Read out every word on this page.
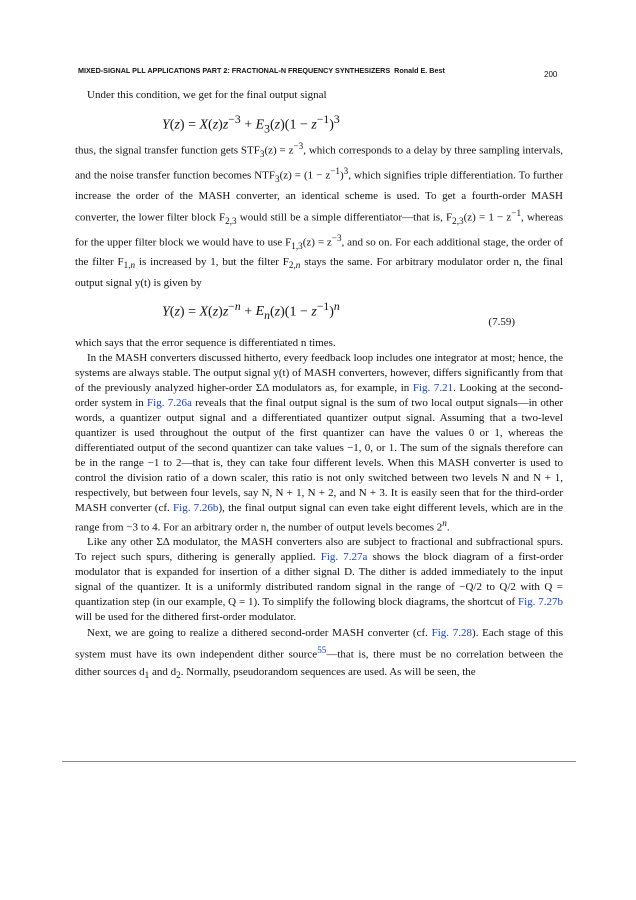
MIXED-SIGNAL PLL APPLICATIONS PART 2: FRACTIONAL-N FREQUENCY SYNTHESIZERS Ronald E. Best	200

Under this condition, we get for the final output signal

$Y(z) = X(z)z^{-3} + E_3(z)(1 - z^{-1})^3$

thus, the signal transfer function gets $STF_3(z) = z^{-3}$, which corresponds to a delay by three sampling intervals, and the noise transfer function becomes $NTF_3(z) = (1 - z^{-1})^3$, which signifies triple differentiation. To further increase the order of the MASH converter, an identical scheme is used. To get a fourth-order MASH converter, the lower filter block $F_{2,3}$ would still be a simple differentiator—that is, $F_{2,3}(z) = 1 - z^{-1}$, whereas for the upper filter block we would have to use $F_{1,3}(z) = z^{-3}$, and so on. For each additional stage, the order of the filter $F_{1,n}$ is increased by 1, but the filter $F_{2,n}$ stays the same. For arbitrary modulator order n, the final output signal y(t) is given by

$Y(z) = X(z)z^{-n} + E_n(z)(1 - z^{-1})^n$
(7.59)

which says that the error sequence is differentiated n times.

In the MASH converters discussed hitherto, every feedback loop includes one integrator at most; hence, the systems are always stable. The output signal y(t) of MASH converters, however, differs significantly from that of the previously analyzed higher-order ΣΔ modulators as, for example, in Fig. 7.21. Looking at the second-order system in Fig. 7.26a reveals that the final output signal is the sum of two local output signals—in other words, a quantizer output signal and a differentiated quantizer output signal. Assuming that a two-level quantizer is used throughout the output of the first quantizer can have the values 0 or 1, whereas the differentiated output of the second quantizer can take values −1, 0, or 1. The sum of the signals therefore can be in the range −1 to 2—that is, they can take four different levels. When this MASH converter is used to control the division ratio of a down scaler, this ratio is not only switched between two levels N and N + 1, respectively, but between four levels, say N, N + 1, N + 2, and N + 3. It is easily seen that for the third-order MASH converter (cf. Fig. 7.26b), the final output signal can even take eight different levels, which are in the range from −3 to 4. For an arbitrary order n, the number of output levels becomes 2$^n$.

Like any other ΣΔ modulator, the MASH converters also are subject to fractional and subfractional spurs. To reject such spurs, dithering is generally applied. Fig. 7.27a shows the block diagram of a first-order modulator that is expanded for insertion of a dither signal D. The dither is added immediately to the input signal of the quantizer. It is a uniformly distributed random signal in the range of −Q/2 to Q/2 with Q = quantization step (in our example, Q = 1). To simplify the following block diagrams, the shortcut of Fig. 7.27b will be used for the dithered first-order modulator.

Next, we are going to realize a dithered second-order MASH converter (cf. Fig. 7.28). Each stage of this system must have its own independent dither source$^{55}$—that is, there must be no correlation between the dither sources $d_1$ and $d_2$. Normally, pseudorandom sequences are used. As will be seen, the
